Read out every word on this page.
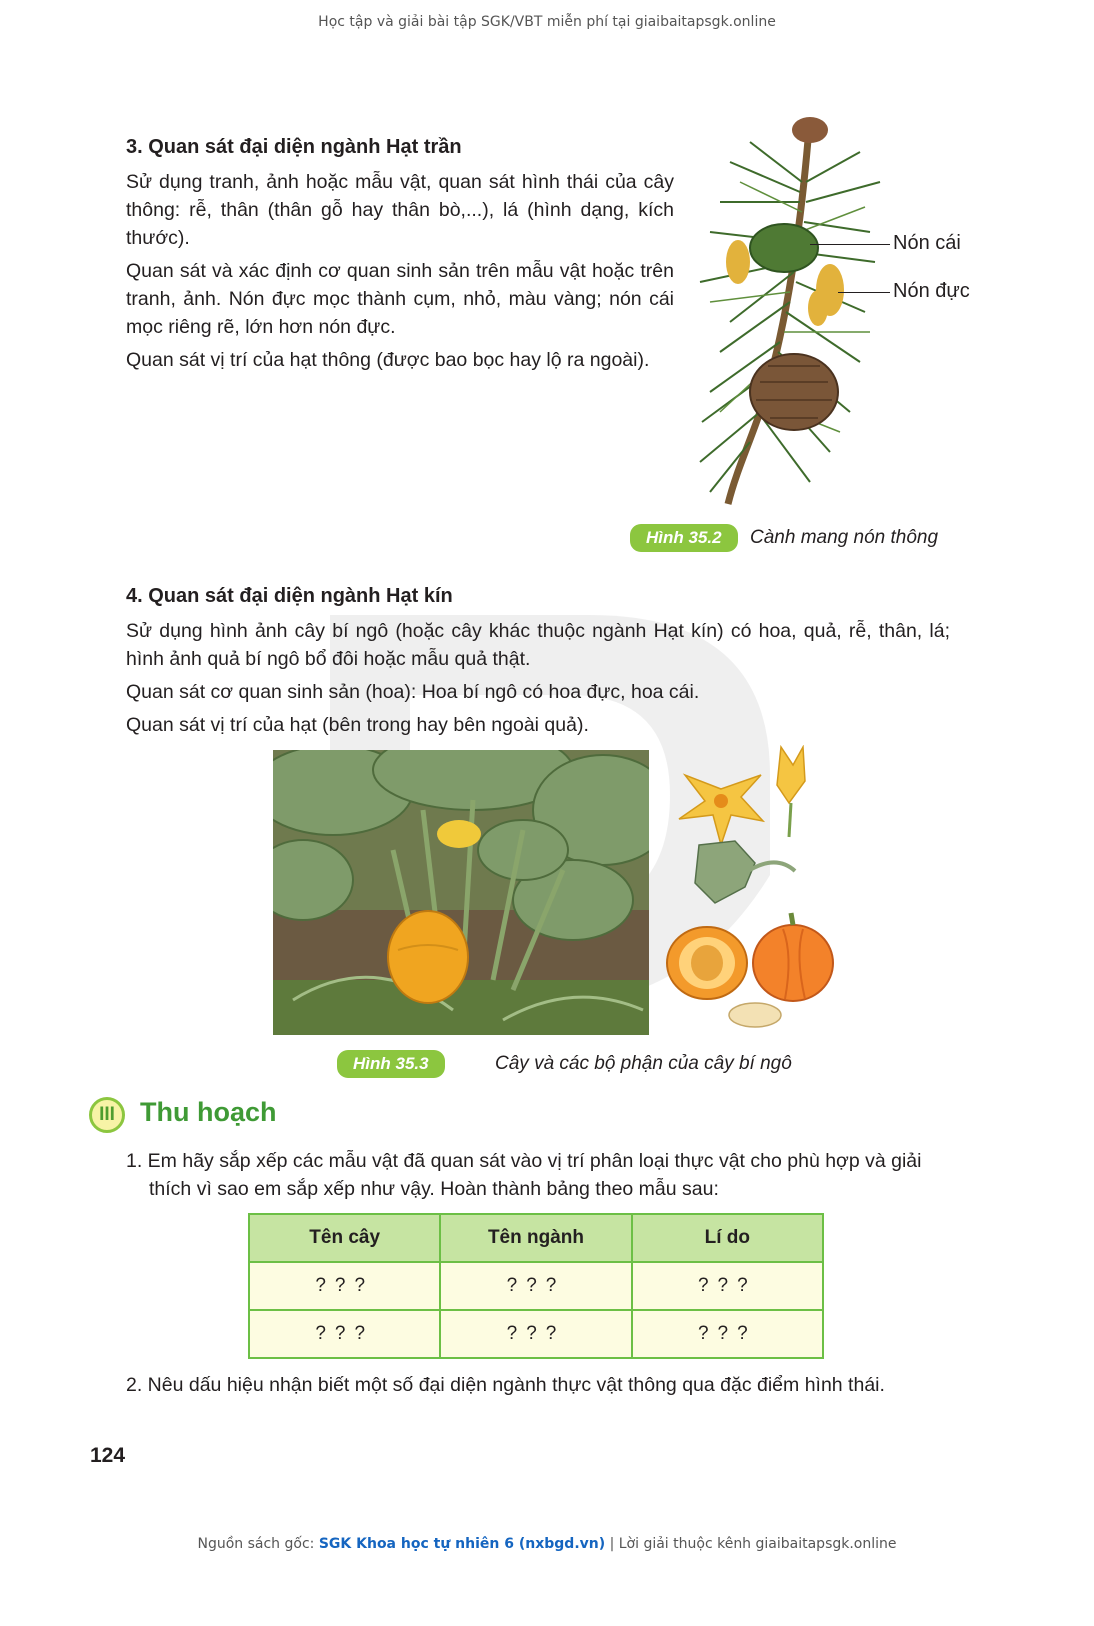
Học tập và giải bài tập SGK/VBT miễn phí tại giaibaitapsgk.online
3. Quan sát đại diện ngành Hạt trần

Sử dụng tranh, ảnh hoặc mẫu vật, quan sát hình thái của cây thông: rễ, thân (thân gỗ hay thân bò,...), lá (hình dạng, kích thước).

Quan sát và xác định cơ quan sinh sản trên mẫu vật hoặc trên tranh, ảnh. Nón đực mọc thành cụm, nhỏ, màu vàng; nón cái mọc riêng rẽ, lớn hơn nón đực.

Quan sát vị trí của hạt thông (được bao bọc hay lộ ra ngoài).

Nón cái
Nón đực
Hình 35.2	Cành mang nón thông
4. Quan sát đại diện ngành Hạt kín

Sử dụng hình ảnh cây bí ngô (hoặc cây khác thuộc ngành Hạt kín) có hoa, quả, rễ, thân, lá; hình ảnh quả bí ngô bổ đôi hoặc mẫu quả thật.

Quan sát cơ quan sinh sản (hoa): Hoa bí ngô có hoa đực, hoa cái.

Quan sát vị trí của hạt (bên trong hay bên ngoài quả).

Hình 35.3	Cây và các bộ phận của cây bí ngô
III Thu hoạch
1. Em hãy sắp xếp các mẫu vật đã quan sát vào vị trí phân loại thực vật cho phù hợp và giải thích vì sao em sắp xếp như vậy. Hoàn thành bảng theo mẫu sau:
Tên cây	Tên ngành	Lí do
???	???	???
???	???	???
2. Nêu dấu hiệu nhận biết một số đại diện ngành thực vật thông qua đặc điểm hình thái.
124
Nguồn sách gốc: SGK Khoa học tự nhiên 6 (nxbgd.vn) | Lời giải thuộc kênh giaibaitapsgk.online
